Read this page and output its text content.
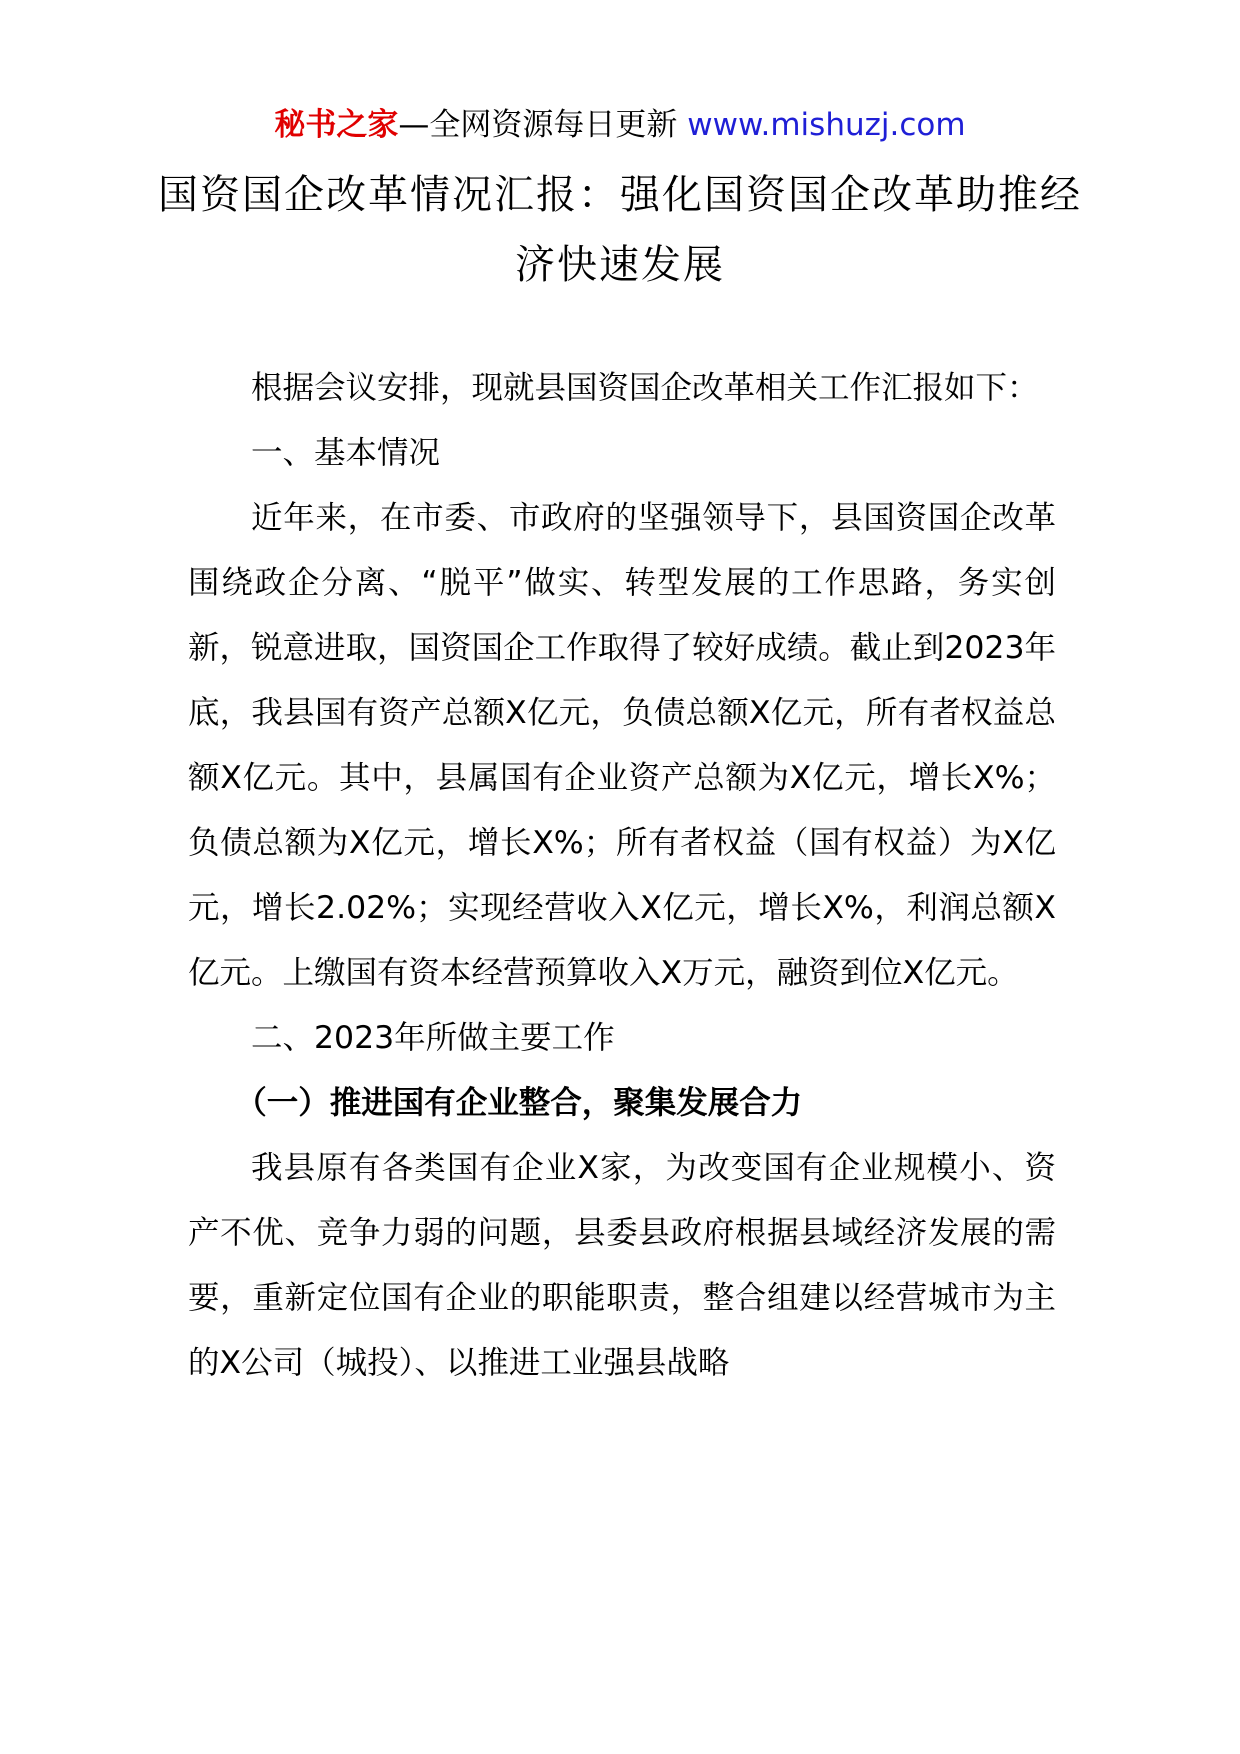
秘书之家—全网资源每日更新 www.mishuzj.com
国资国企改革情况汇报：强化国资国企改革助推经济快速发展

根据会议安排，现就县国资国企改革相关工作汇报如下：

一、基本情况

近年来，在市委、市政府的坚强领导下，县国资国企改革围绕政企分离、“脱平”做实、转型发展的工作思路，务实创新，锐意进取，国资国企工作取得了较好成绩。截止到2023年底，我县国有资产总额X亿元，负债总额X亿元，所有者权益总额X亿元。其中，县属国有企业资产总额为X亿元，增长X%；负债总额为X亿元，增长X%；所有者权益（国有权益）为X亿元，增长2.02%；实现经营收入X亿元，增长X%，利润总额X亿元。上缴国有资本经营预算收入X万元，融资到位X亿元。

二、2023年所做主要工作

（一）推进国有企业整合，聚集发展合力

我县原有各类国有企业X家，为改变国有企业规模小、资产不优、竞争力弱的问题，县委县政府根据县域经济发展的需要，重新定位国有企业的职能职责，整合组建以经营城市为主的X公司（城投）、以推进工业强县战略
